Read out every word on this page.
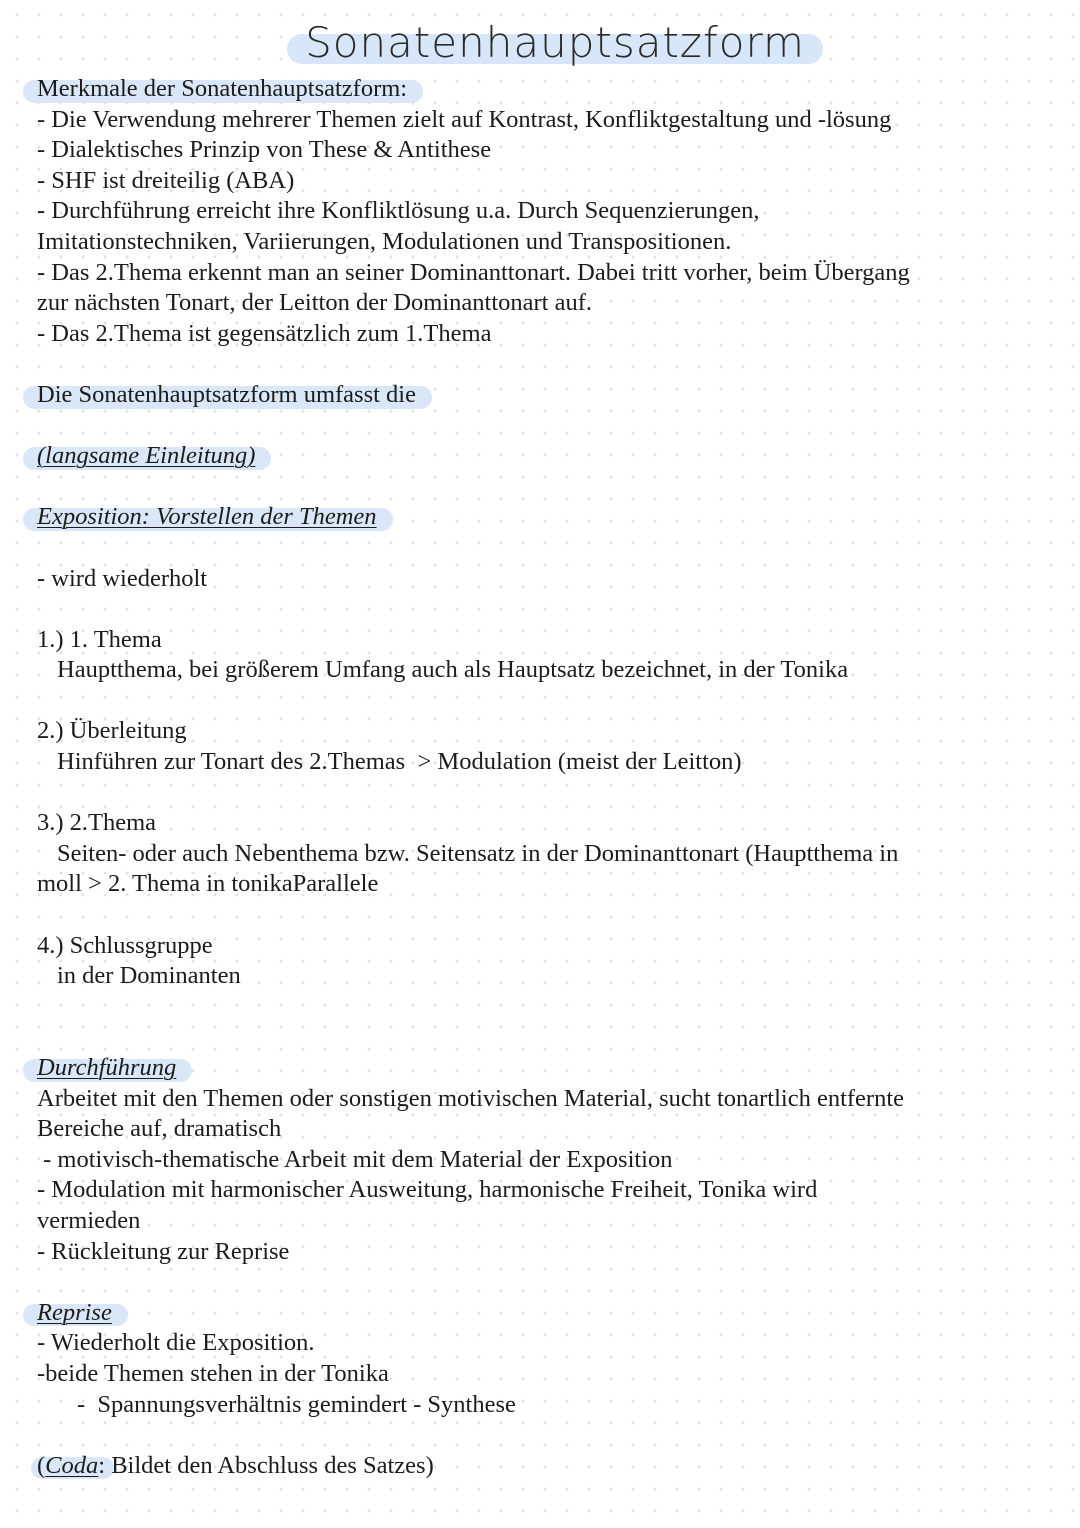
Sonatenhauptsatzform
Merkmale der Sonatenhauptsatzform:
- Die Verwendung mehrerer Themen zielt auf Kontrast, Konfliktgestaltung und -lösung
- Dialektisches Prinzip von These & Antithese
- SHF ist dreiteilig (ABA)
- Durchführung erreicht ihre Konfliktlösung u.a. Durch Sequenzierungen,
Imitationstechniken, Variierungen, Modulationen und Transpositionen.
- Das 2.Thema erkennt man an seiner Dominanttonart. Dabei tritt vorher, beim Übergang
zur nächsten Tonart, der Leitton der Dominanttonart auf.
- Das 2.Thema ist gegensätzlich zum 1.Thema
Die Sonatenhauptsatzform umfasst die
(langsame Einleitung)
Exposition: Vorstellen der Themen
- wird wiederholt
1.) 1. Thema
Hauptthema, bei größerem Umfang auch als Hauptsatz bezeichnet, in der Tonika
2.) Überleitung
Hinführen zur Tonart des 2.Themas  > Modulation (meist der Leitton)
3.) 2.Thema
Seiten- oder auch Nebenthema bzw. Seitensatz in der Dominanttonart (Hauptthema in
moll > 2. Thema in tonikaParallele
4.) Schlussgruppe
in der Dominanten
Durchführung
Arbeitet mit den Themen oder sonstigen motivischen Material, sucht tonartlich entfernte
Bereiche auf, dramatisch
- motivisch-thematische Arbeit mit dem Material der Exposition
- Modulation mit harmonischer Ausweitung, harmonische Freiheit, Tonika wird
vermieden
- Rückleitung zur Reprise
Reprise
- Wiederholt die Exposition.
-beide Themen stehen in der Tonika
-  Spannungsverhältnis gemindert - Synthese
(Coda: Bildet den Abschluss des Satzes)
